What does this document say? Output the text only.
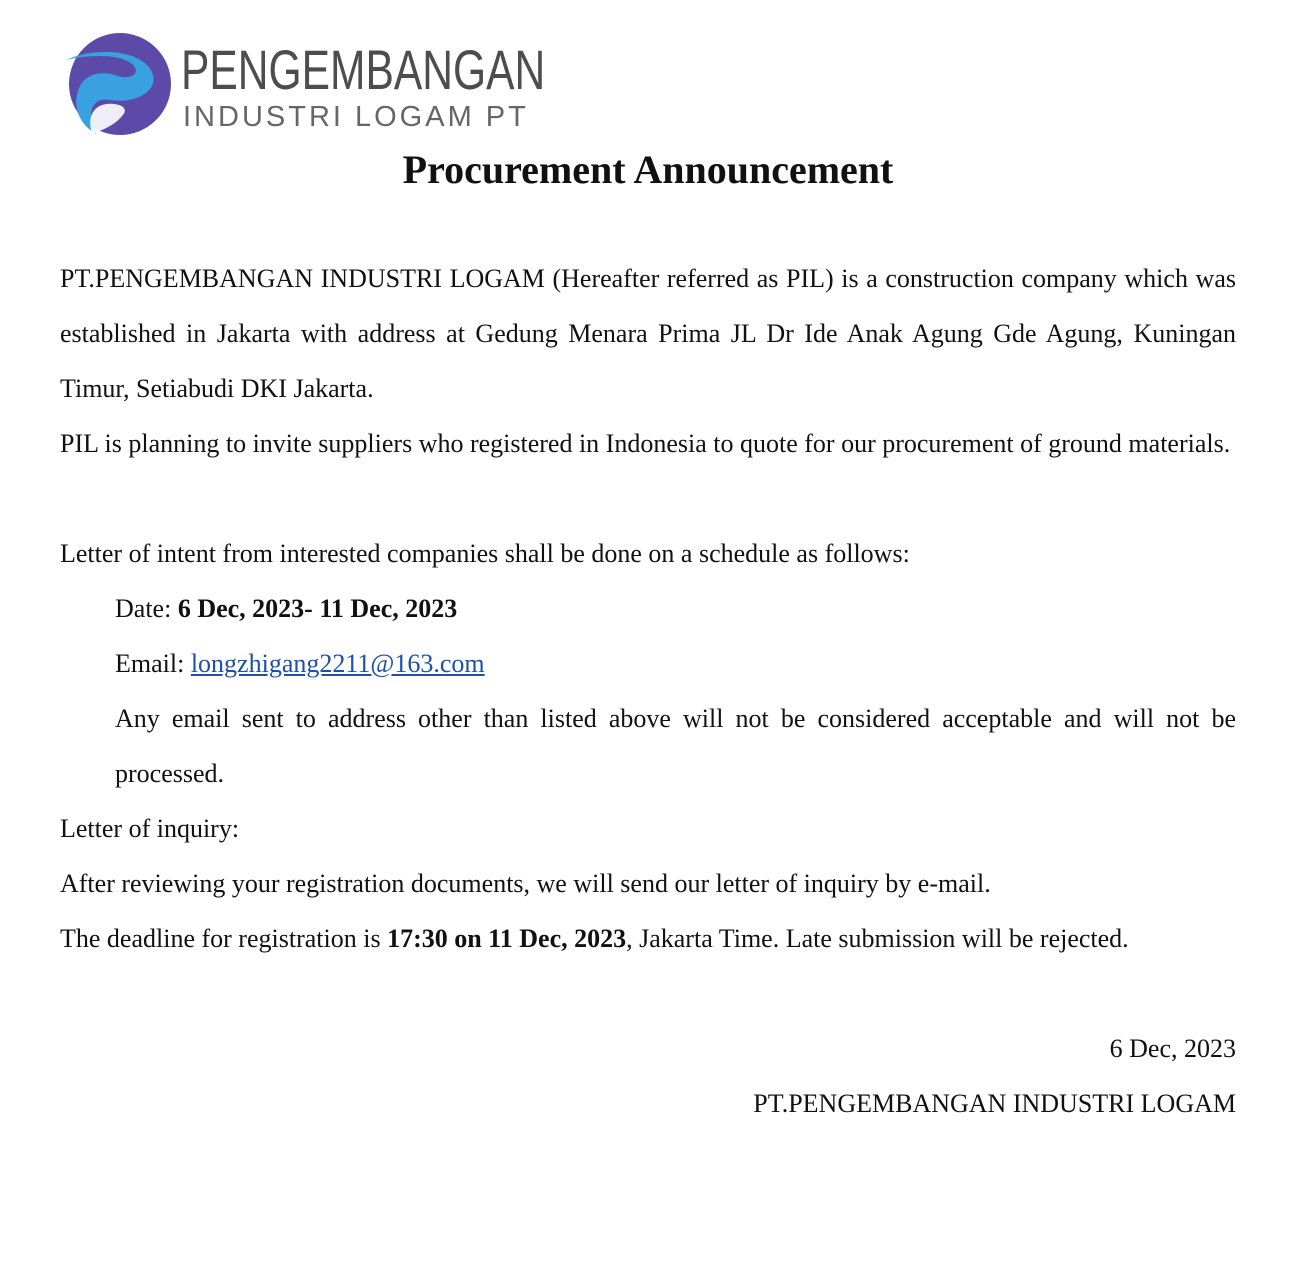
PENGEMBANGAN
INDUSTRI LOGAM PT
Procurement Announcement

PT.PENGEMBANGAN INDUSTRI LOGAM (Hereafter referred as PIL) is a construction company which was established in Jakarta with address at Gedung Menara Prima JL Dr Ide Anak Agung Gde Agung, Kuningan Timur, Setiabudi DKI Jakarta.

PIL is planning to invite suppliers who registered in Indonesia to quote for our procurement of ground materials.

Letter of intent from interested companies shall be done on a schedule as follows:

Date: 6 Dec, 2023- 11 Dec, 2023

Email: longzhigang2211@163.com

Any email sent to address other than listed above will not be considered acceptable and will not be processed.

Letter of inquiry:

After reviewing your registration documents, we will send our letter of inquiry by e-mail.

The deadline for registration is 17:30 on 11 Dec, 2023, Jakarta Time. Late submission will be rejected.

6 Dec, 2023

PT.PENGEMBANGAN INDUSTRI LOGAM
